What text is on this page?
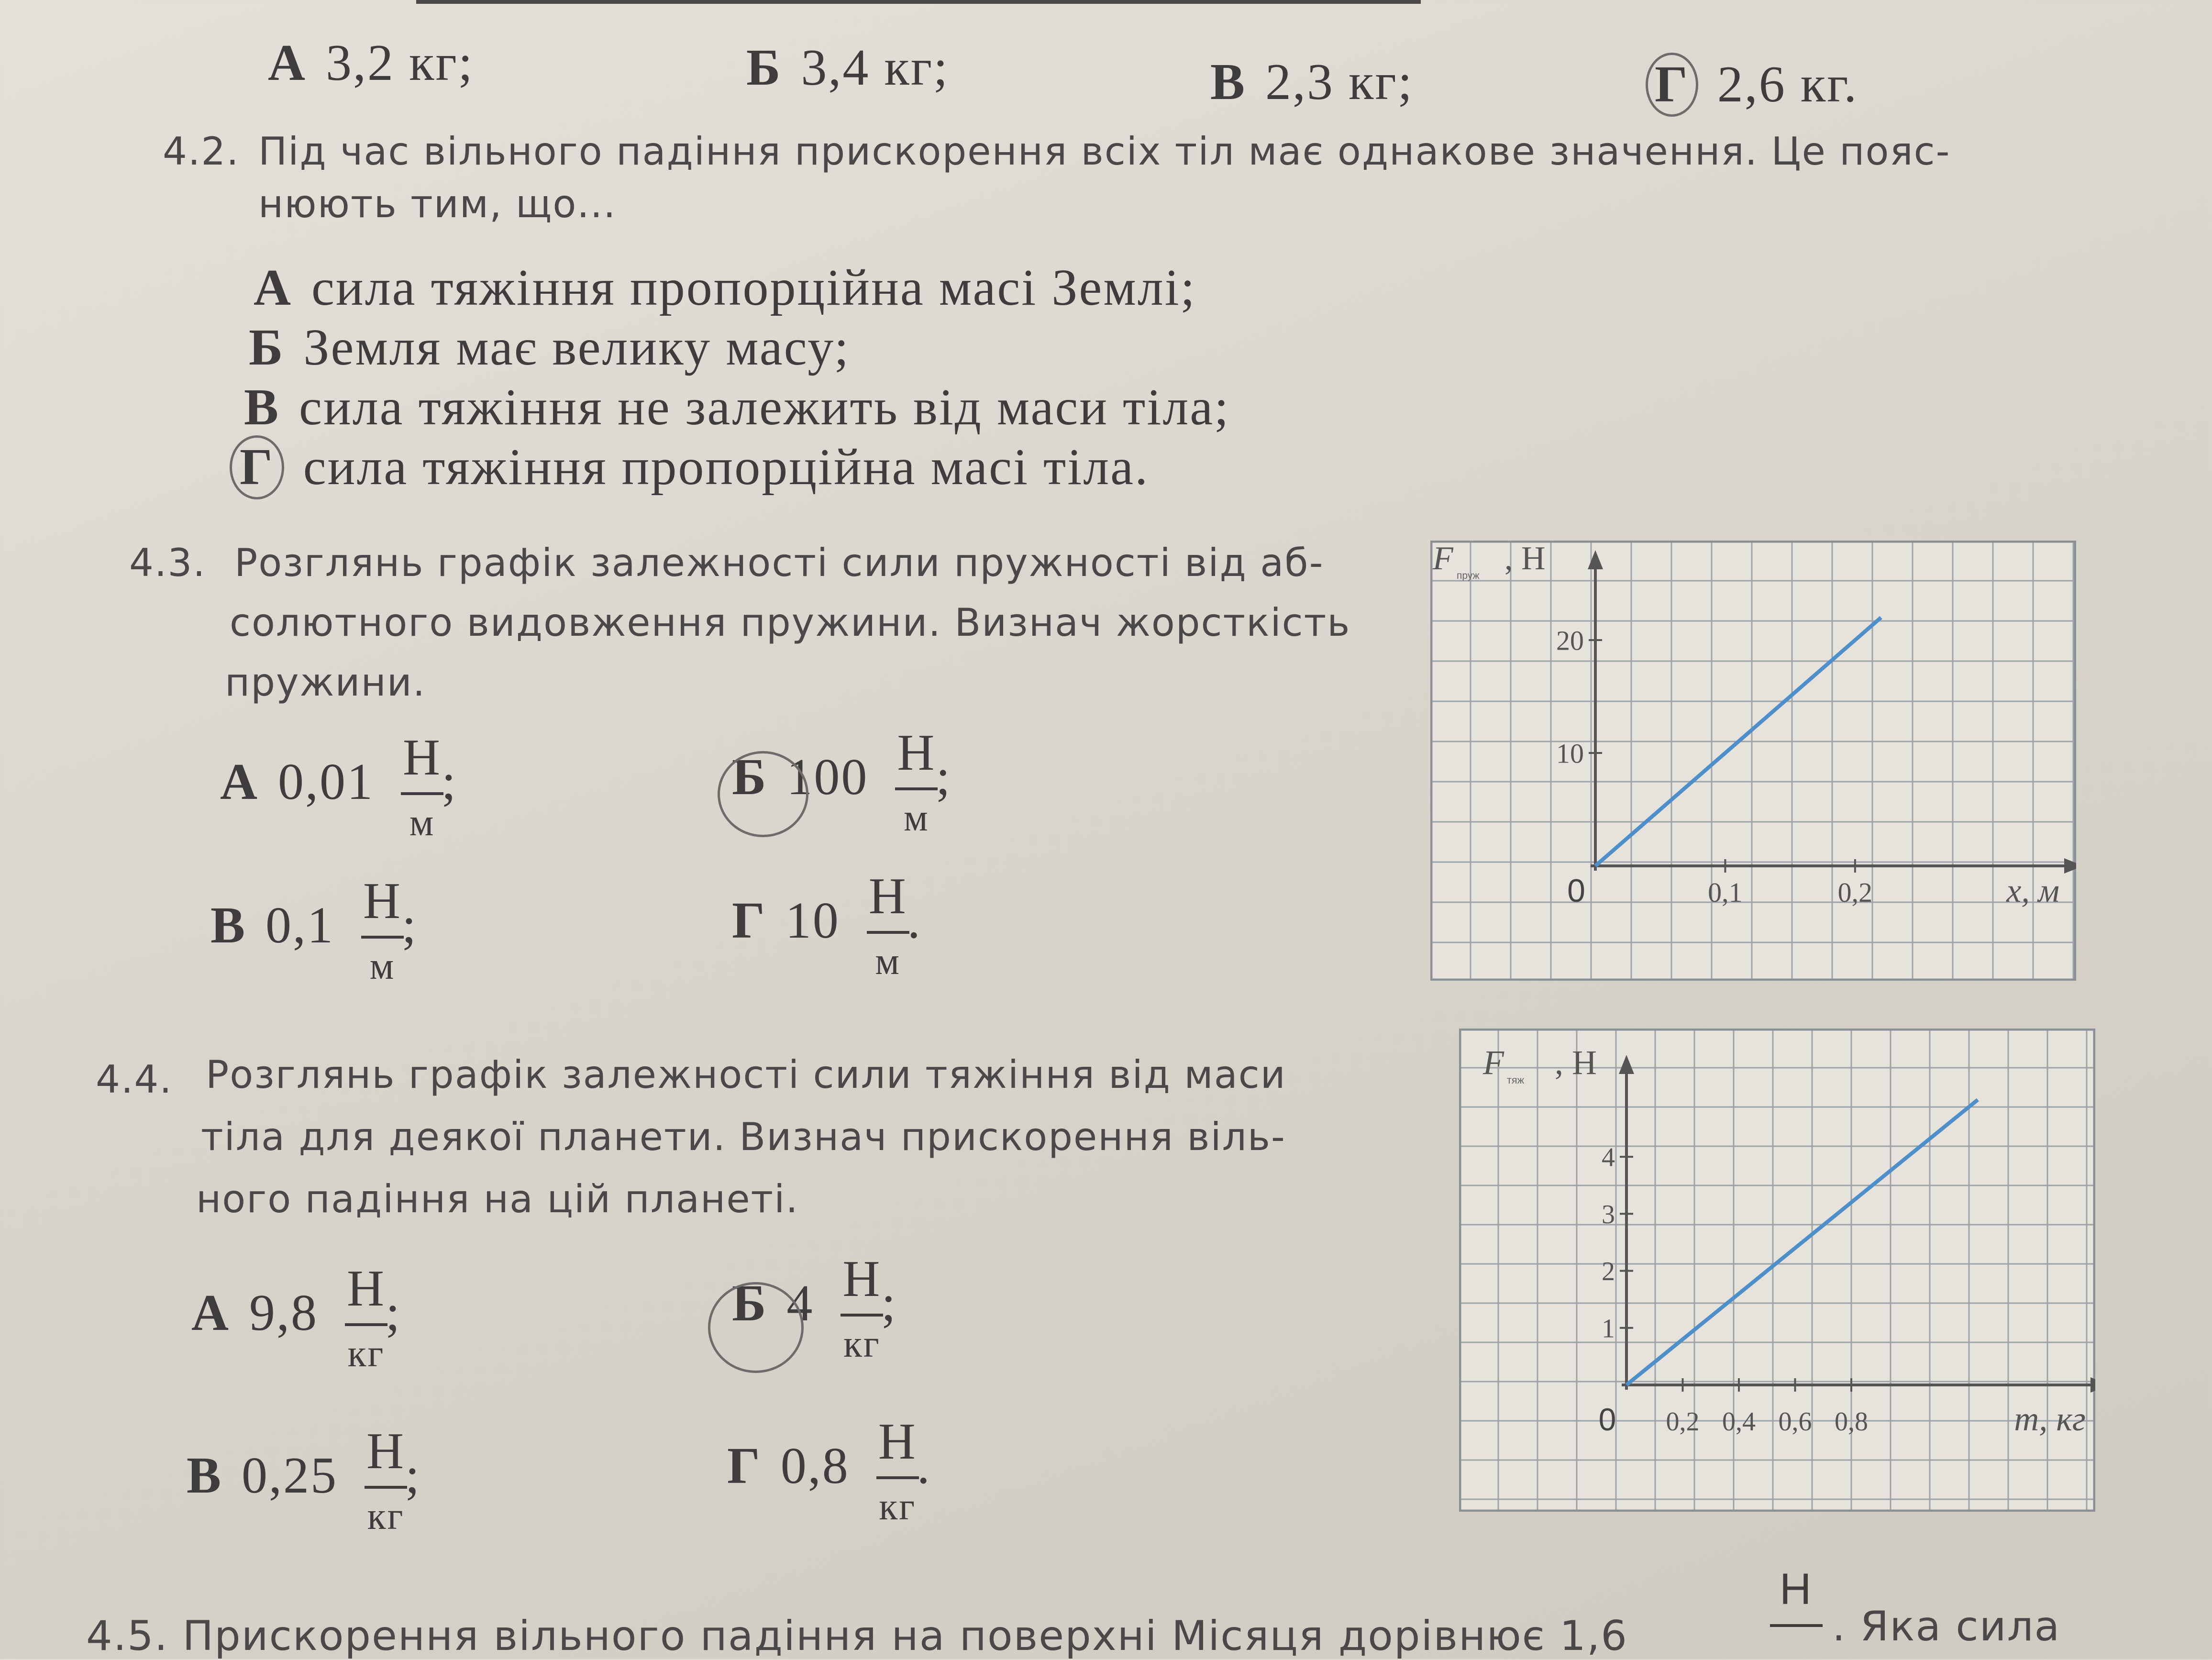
А 3,2 кг;	Б 3,4 кг;	В 2,3 кг;	Г 2,6 кг.
4.2. Під час вільного падіння прискорення всіх тіл має однакове значення. Це пояс-
нюють тим, що...
А сила тяжіння пропорційна масі Землі;
Б Земля має велику масу;
В сила тяжіння не залежить від маси тіла;
Г сила тяжіння пропорційна масі тіла.
4.3. Розглянь графік залежності сили пружності від аб-
солютного видовження пружини. Визнач жорсткість
пружини.
А 0,01 Н
м
;	Б 100 Н
м
;
В 0,1 Н
м
;	Г 10 Н
м
.
4.4. Розглянь графік залежності сили тяжіння від маси
тіла для деякої планети. Визнач прискорення віль-
ного падіння на цій планеті.
А 9,8 Н
кг
;	Б 4 Н
кг
;
В 0,25 Н
кг
;	Г 0,8 Н
кг
.
4.5. Прискорення вільного падіння на поверхні Місяця дорівнює 1,6
Н
. Яка сила
0,1	0,2
10
20
0
F пруж , Н
x, м
0,2 0,4 0,6 0,8
1
2
3
4
0
F тяж , Н
m, кг
